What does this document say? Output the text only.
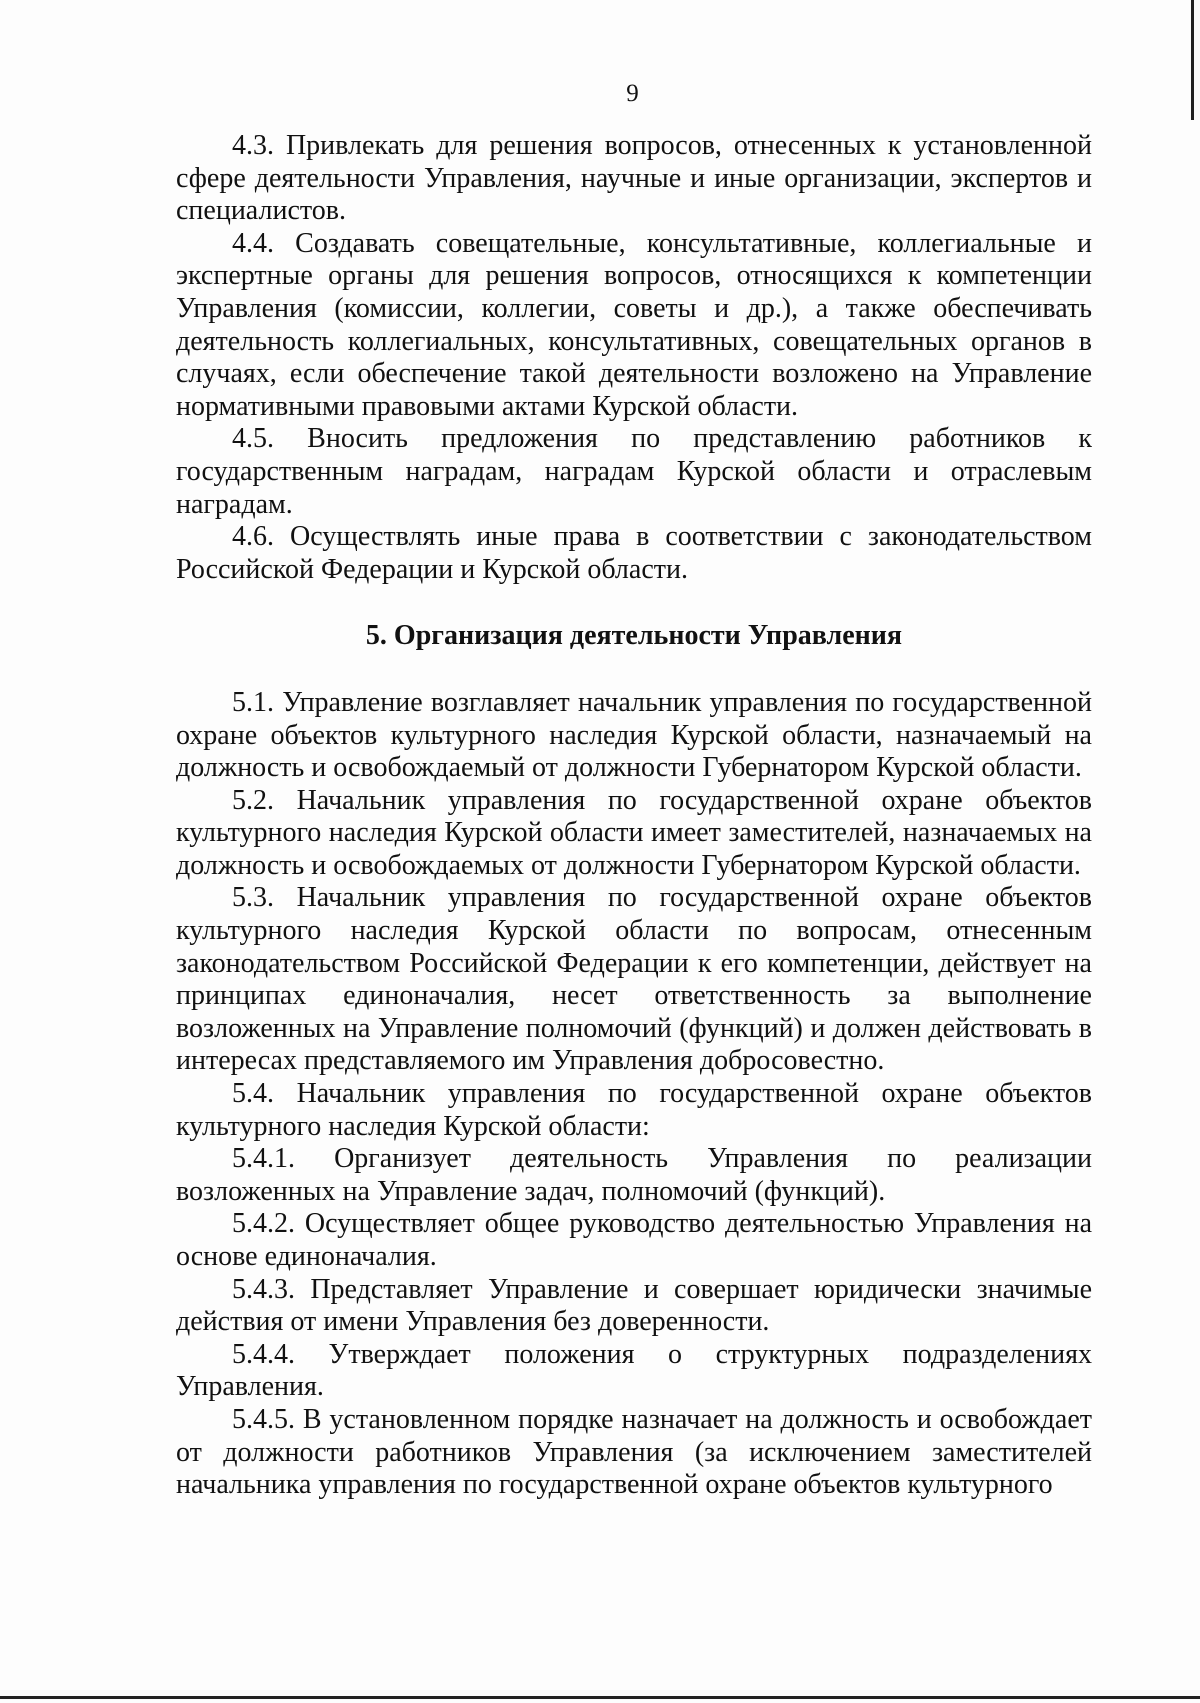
9

4.3. Привлекать для решения вопросов, отнесенных к установленной сфере деятельности Управления, научные и иные организации, экспертов и специалистов.

4.4. Создавать совещательные, консультативные, коллегиальные и экспертные органы для решения вопросов, относящихся к компетенции Управления (комиссии, коллегии, советы и др.), а также обеспечивать деятельность коллегиальных, консультативных, совещательных органов в случаях, если обеспечение такой деятельности возложено на Управление нормативными правовыми актами Курской области.

4.5. Вносить предложения по представлению работников к государственным наградам, наградам Курской области и отраслевым наградам.

4.6. Осуществлять иные права в соответствии с законодательством Российской Федерации и Курской области.

5. Организация деятельности Управления

5.1. Управление возглавляет начальник управления по государственной охране объектов культурного наследия Курской области, назначаемый на должность и освобождаемый от должности Губернатором Курской области.

5.2. Начальник управления по государственной охране объектов культурного наследия Курской области имеет заместителей, назначаемых на должность и освобождаемых от должности Губернатором Курской области.

5.3. Начальник управления по государственной охране объектов культурного наследия Курской области по вопросам, отнесенным законодательством Российской Федерации к его компетенции, действует на принципах единоначалия, несет ответственность за выполнение возложенных на Управление полномочий (функций) и должен действовать в интересах представляемого им Управления добросовестно.

5.4. Начальник управления по государственной охране объектов культурного наследия Курской области:

5.4.1. Организует деятельность Управления по реализации возложенных на Управление задач, полномочий (функций).

5.4.2. Осуществляет общее руководство деятельностью Управления на основе единоначалия.

5.4.3. Представляет Управление и совершает юридически значимые действия от имени Управления без доверенности.

5.4.4. Утверждает положения о структурных подразделениях Управления.

5.4.5. В установленном порядке назначает на должность и освобождает от должности работников Управления (за исключением заместителей начальника управления по государственной охране объектов культурного
